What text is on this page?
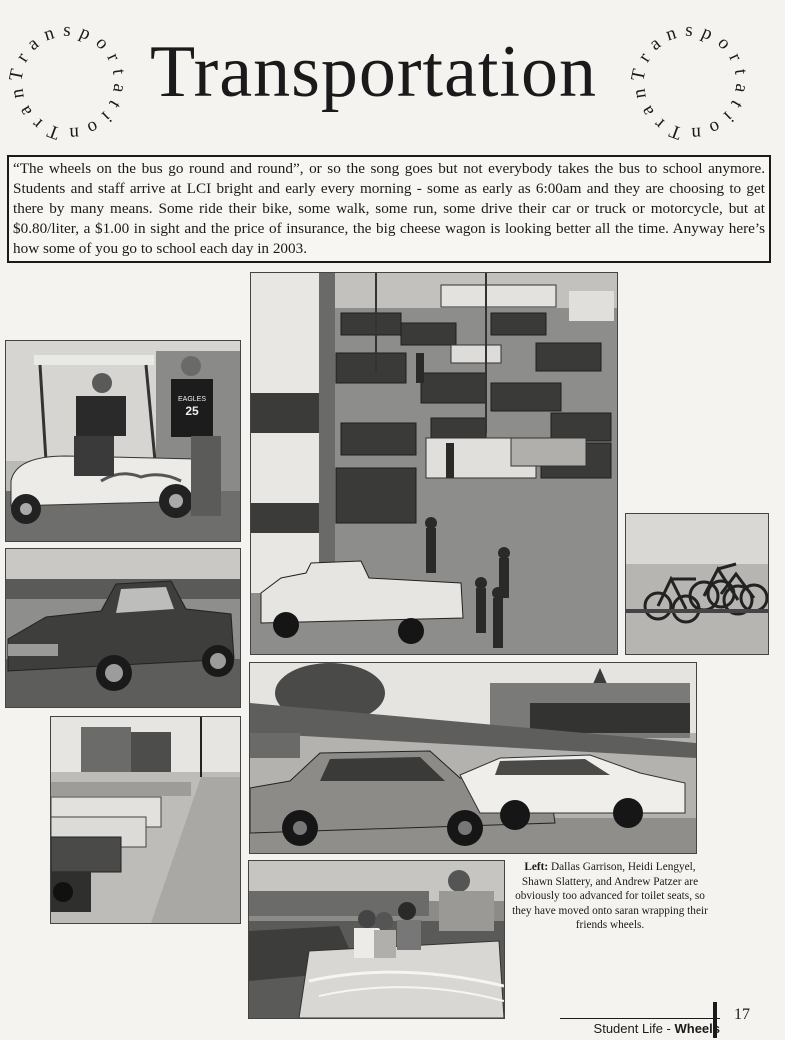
ranspor tionTra
ranspor tionTra
Transportation
“The wheels on the bus go round and round”, or so the song goes but not everybody takes the bus to school anymore. Students and staff arrive at LCI bright and early every morning - some as early as 6:00am and they are choosing to get there by many means. Some ride their bike, some walk, some run, some drive their car or truck or motorcycle, but at $0.80/liter, a $1.00 in sight and the price of insurance, the big cheese wagon is looking better all the time. Anyway here’s how some of you go to school each day in 2003.
EAGLES
25
Left: Dallas Garrison, Heidi Lengyel, Shawn Slattery, and Andrew Patzer are obviously too advanced for toilet seats, so they have moved onto saran wrapping their friends wheels.
Student Life - Wheels
17
